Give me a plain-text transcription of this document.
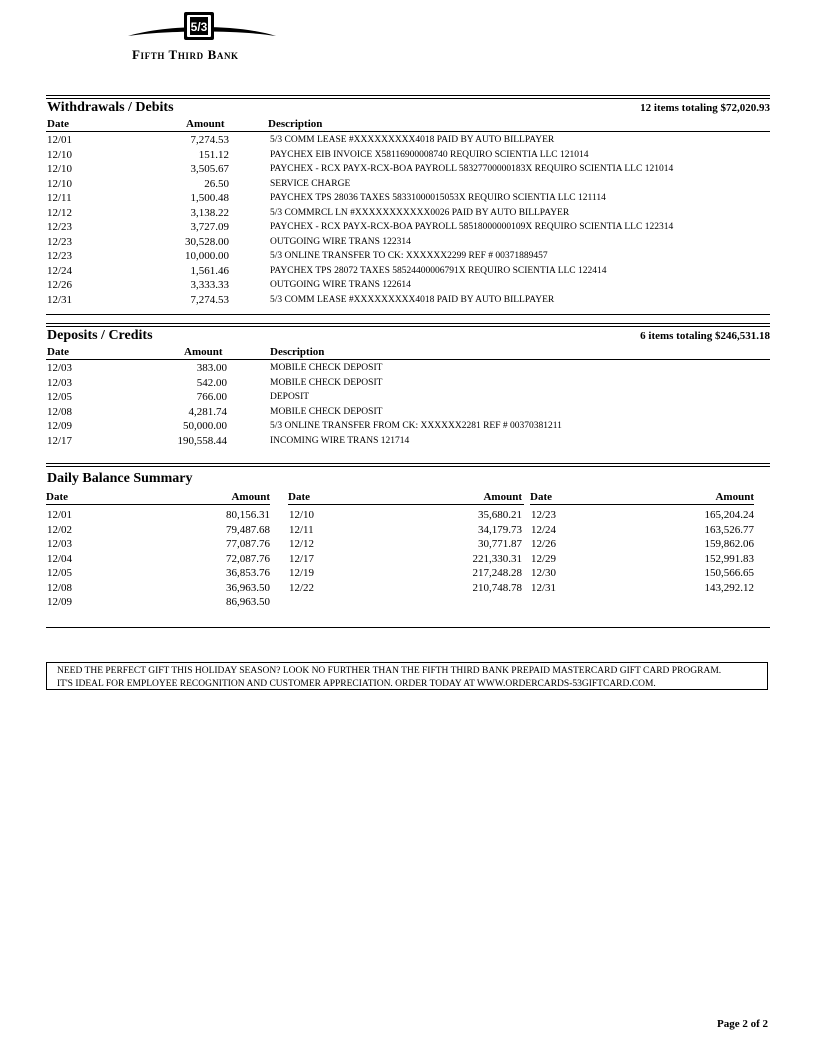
5/3
Fifth Third Bank
Withdrawals / Debits	12 items totaling $72,020.93
Date	Amount	Description
12/01	7,274.53	5/3 COMM LEASE #XXXXXXXXX4018 PAID BY AUTO BILLPAYER
12/10	151.12	PAYCHEX EIB INVOICE X58116900008740 REQUIRO SCIENTIA LLC 121014
12/10	3,505.67	PAYCHEX - RCX PAYX-RCX-BOA PAYROLL 58327700000183X REQUIRO SCIENTIA LLC 121014
12/10	26.50	SERVICE CHARGE
12/11	1,500.48	PAYCHEX TPS 28036 TAXES 58331000015053X REQUIRO SCIENTIA LLC 121114
12/12	3,138.22	5/3 COMMRCL LN #XXXXXXXXXXX0026 PAID BY AUTO BILLPAYER
12/23	3,727.09	PAYCHEX - RCX PAYX-RCX-BOA PAYROLL 58518000000109X REQUIRO SCIENTIA LLC 122314
12/23	30,528.00	OUTGOING WIRE TRANS 122314
12/23	10,000.00	5/3 ONLINE TRANSFER TO CK: XXXXXX2299 REF # 00371889457
12/24	1,561.46	PAYCHEX TPS 28072 TAXES 58524400006791X REQUIRO SCIENTIA LLC 122414
12/26	3,333.33	OUTGOING WIRE TRANS 122614
12/31	7,274.53	5/3 COMM LEASE #XXXXXXXXX4018 PAID BY AUTO BILLPAYER
Deposits / Credits	6 items totaling $246,531.18
Date	Amount	Description
12/03	383.00	MOBILE CHECK DEPOSIT
12/03	542.00	MOBILE CHECK DEPOSIT
12/05	766.00	DEPOSIT
12/08	4,281.74	MOBILE CHECK DEPOSIT
12/09	50,000.00	5/3 ONLINE TRANSFER FROM CK: XXXXXX2281 REF # 00370381211
12/17	190,558.44	INCOMING WIRE TRANS 121714
Daily Balance Summary
Date	Amount
12/01	80,156.31
12/02	79,487.68
12/03	77,087.76
12/04	72,087.76
12/05	36,853.76
12/08	36,963.50
12/09	86,963.50
Date	Amount
12/10	35,680.21
12/11	34,179.73
12/12	30,771.87
12/17	221,330.31
12/19	217,248.28
12/22	210,748.78
Date	Amount
12/23	165,204.24
12/24	163,526.77
12/26	159,862.06
12/29	152,991.83
12/30	150,566.65
12/31	143,292.12
NEED THE PERFECT GIFT THIS HOLIDAY SEASON? LOOK NO FURTHER THAN THE FIFTH THIRD BANK PREPAID MASTERCARD GIFT CARD PROGRAM.
IT'S IDEAL FOR EMPLOYEE RECOGNITION AND CUSTOMER APPRECIATION. ORDER TODAY AT WWW.ORDERCARDS-53GIFTCARD.COM.
Page 2 of 2
